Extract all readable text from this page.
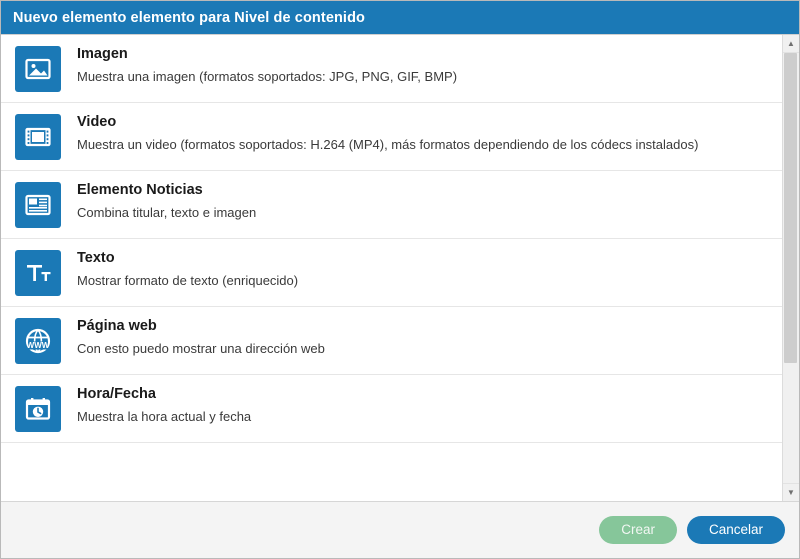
Nuevo elemento elemento para Nivel de contenido
Imagen
Muestra una imagen (formatos soportados: JPG, PNG, GIF, BMP)
Video
Muestra un video (formatos soportados: H.264 (MP4), más formatos dependiendo de los códecs instalados)
Elemento Noticias
Combina titular, texto e imagen
Texto
Mostrar formato de texto (enriquecido)
WWW
Página web
Con esto puedo mostrar una dirección web
Hora/Fecha
Muestra la hora actual y fecha
▲
▼
Crear	Cancelar
